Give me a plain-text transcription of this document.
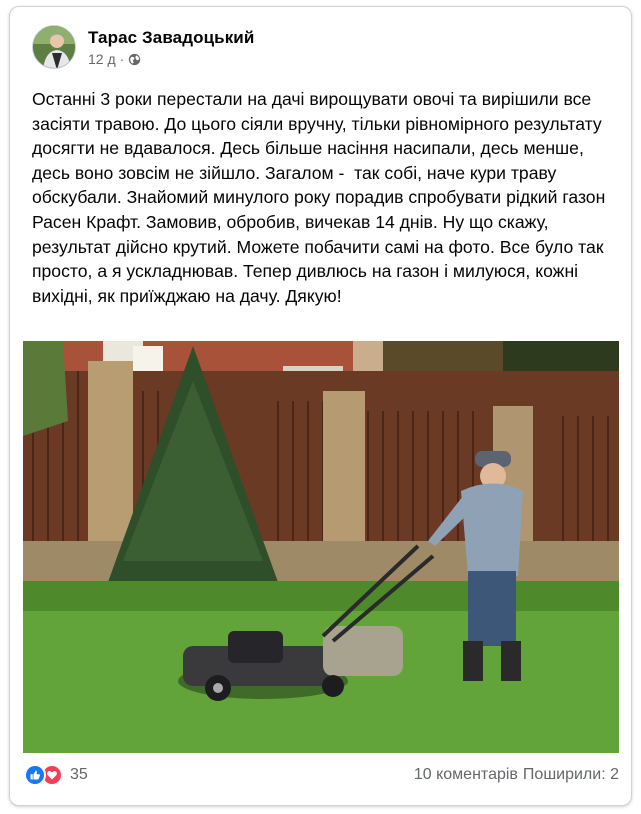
Тарас Завадоцький
12 д ·
Останні 3 роки перестали на дачі вирощувати овочі та вирішили все засіяти травою. До цього сіяли вручну, тільки рівномірного результату досягти не вдавалося. Десь більше насіння насипали, десь менше, десь воно зовсім не зійшло. Загалом -  так собі, наче кури траву обскубали. Знайомий минулого року порадив спробувати рідкий газон Расен Крафт. Замовив, обробив, вичекав 14 днів. Ну що скажу, результат дійсно крутий. Можете побачити самі на фото. Все було так просто, а я ускладнював. Тепер дивлюсь на газон і милуюся, кожні вихідні, як приїжджаю на дачу. Дякую!
35	10 коментарів Поширили: 2
